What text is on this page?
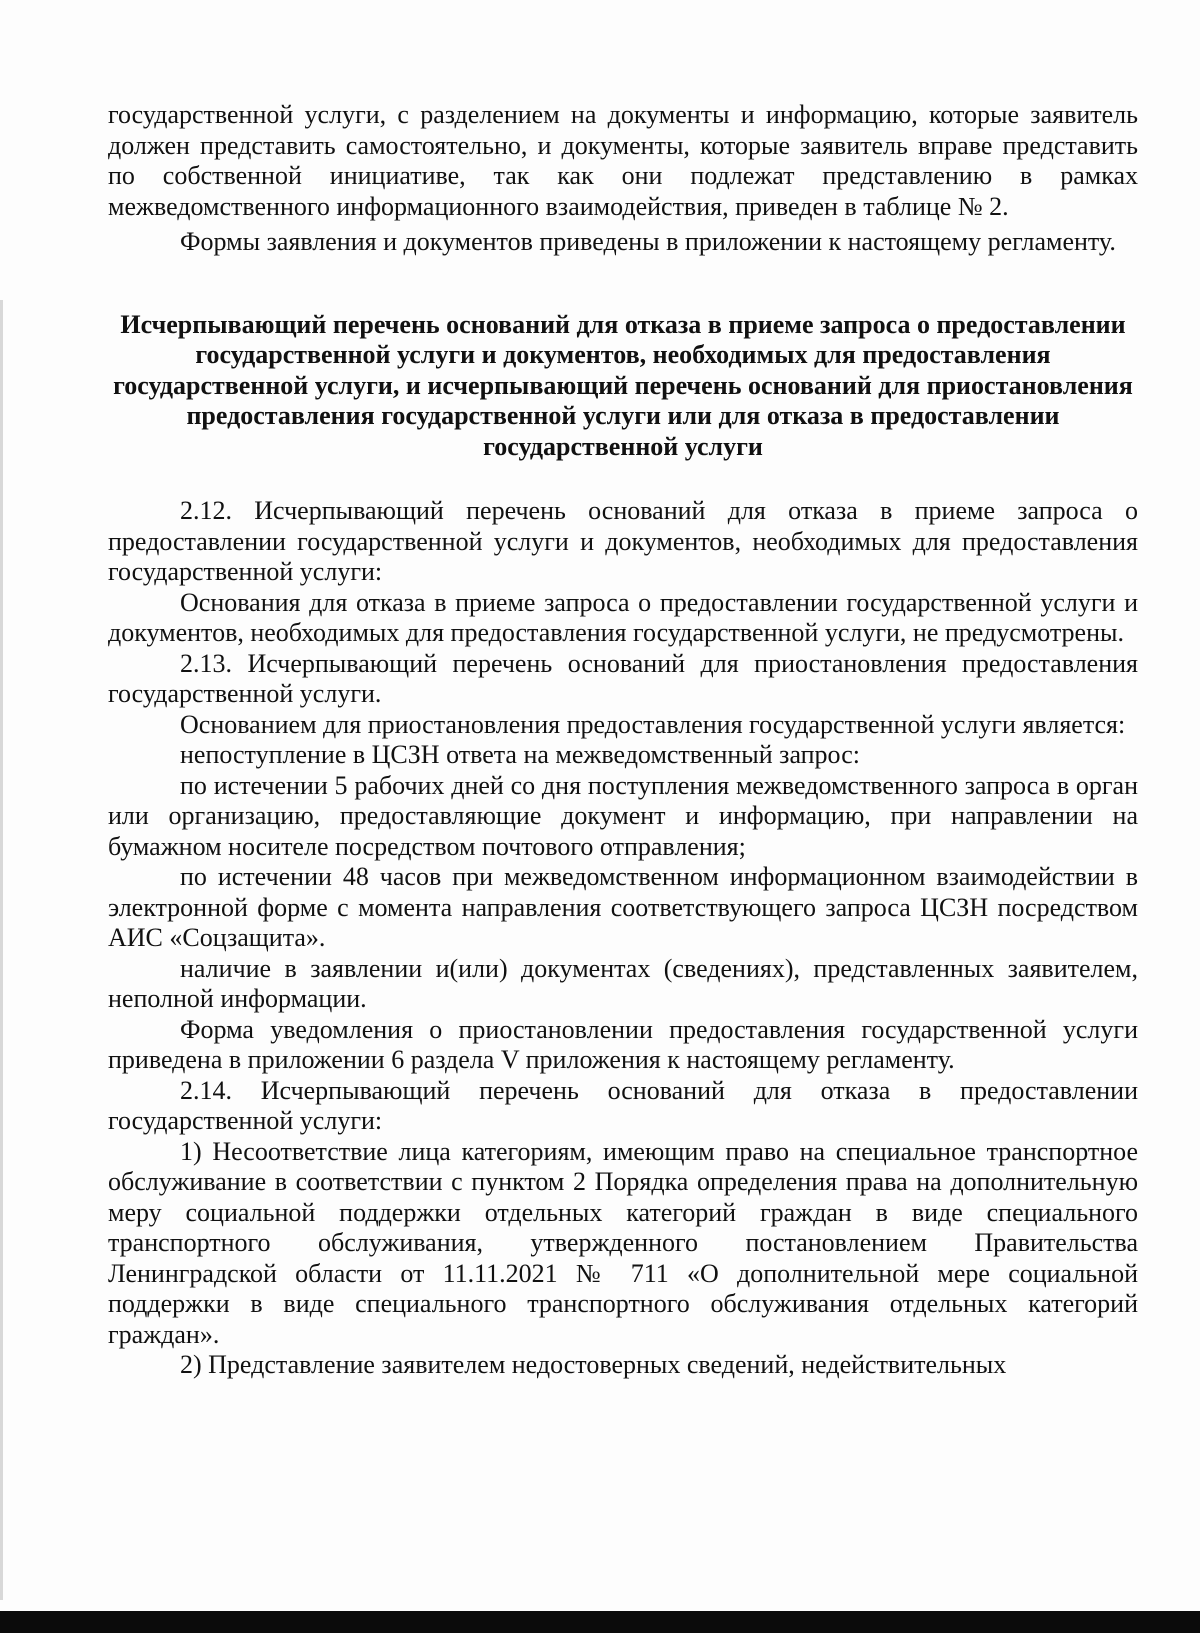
государственной услуги, с разделением на документы и информацию, которые заявитель должен представить самостоятельно, и документы, которые заявитель вправе представить по собственной инициативе, так как они подлежат представлению в рамках межведомственного информационного взаимодействия, приведен в таблице № 2.

Формы заявления и документов приведены в приложении к настоящему регламенту.

Исчерпывающий перечень оснований для отказа в приеме запроса о предоставлении государственной услуги и документов, необходимых для предоставления государственной услуги, и исчерпывающий перечень оснований для приостановления предоставления государственной услуги или для отказа в предоставлении государственной услуги

2.12. Исчерпывающий перечень оснований для отказа в приеме запроса о предоставлении государственной услуги и документов, необходимых для предоставления государственной услуги:

Основания для отказа в приеме запроса о предоставлении государственной услуги и документов, необходимых для предоставления государственной услуги, не предусмотрены.

2.13. Исчерпывающий перечень оснований для приостановления предоставления государственной услуги.

Основанием для приостановления предоставления государственной услуги является:

непоступление в ЦСЗН ответа на межведомственный запрос:

по истечении 5 рабочих дней со дня поступления межведомственного запроса в орган или организацию, предоставляющие документ и информацию, при направлении на бумажном носителе посредством почтового отправления;

по истечении 48 часов при межведомственном информационном взаимодействии в электронной форме с момента направления соответствующего запроса ЦСЗН посредством АИС «Соцзащита».

наличие в заявлении и(или) документах (сведениях), представленных заявителем, неполной информации.

Форма уведомления о приостановлении предоставления государственной услуги приведена в приложении 6 раздела V приложения к настоящему регламенту.

2.14. Исчерпывающий перечень оснований для отказа в предоставлении государственной услуги:

1) Несоответствие лица категориям, имеющим право на специальное транспортное обслуживание в соответствии с пунктом 2 Порядка определения права на дополнительную меру социальной поддержки отдельных категорий граждан в виде специального транспортного обслуживания, утвержденного постановлением Правительства Ленинградской области от 11.11.2021 № 711 «О дополнительной мере социальной поддержки в виде специального транспортного обслуживания отдельных категорий граждан».

2) Представление заявителем недостоверных сведений, недействительных
